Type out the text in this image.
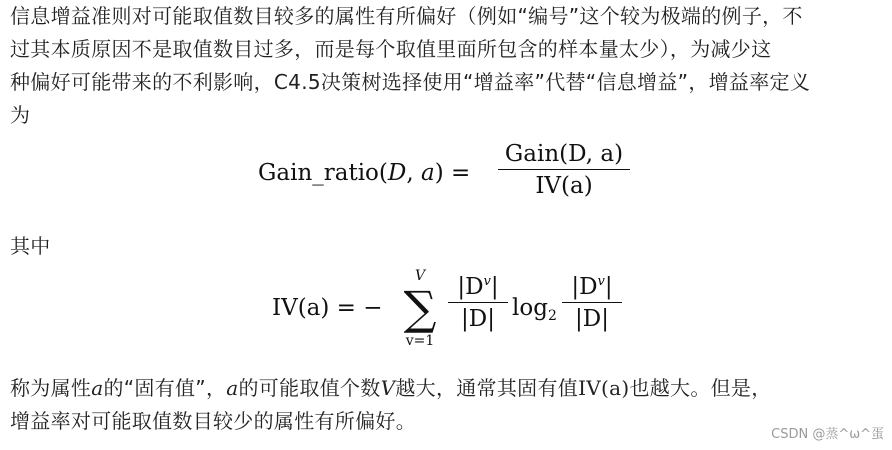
信息增益准则对可能取值数目较多的属性有所偏好（例如“编号”这个较为极端的例子，不
过其本质原因不是取值数目过多，而是每个取值里面所包含的样本量太少），为减少这
种偏好可能带来的不利影响，C4.5决策树选择使用“增益率”代替“信息增益”，增益率定义
为
Gain_ratio(D, a) =
Gain(D, a)
IV(a)
其中
IV(a) = −
V
∑
v=1
$|D^v|$
|D| $\log_2$
$|D^v|$
|D|
称为属性a的“固有值”，a的可能取值个数V越大，通常其固有值IV(a)也越大。但是，
增益率对可能取值数目较少的属性有所偏好。
CSDN @蒸^ω^蛋
